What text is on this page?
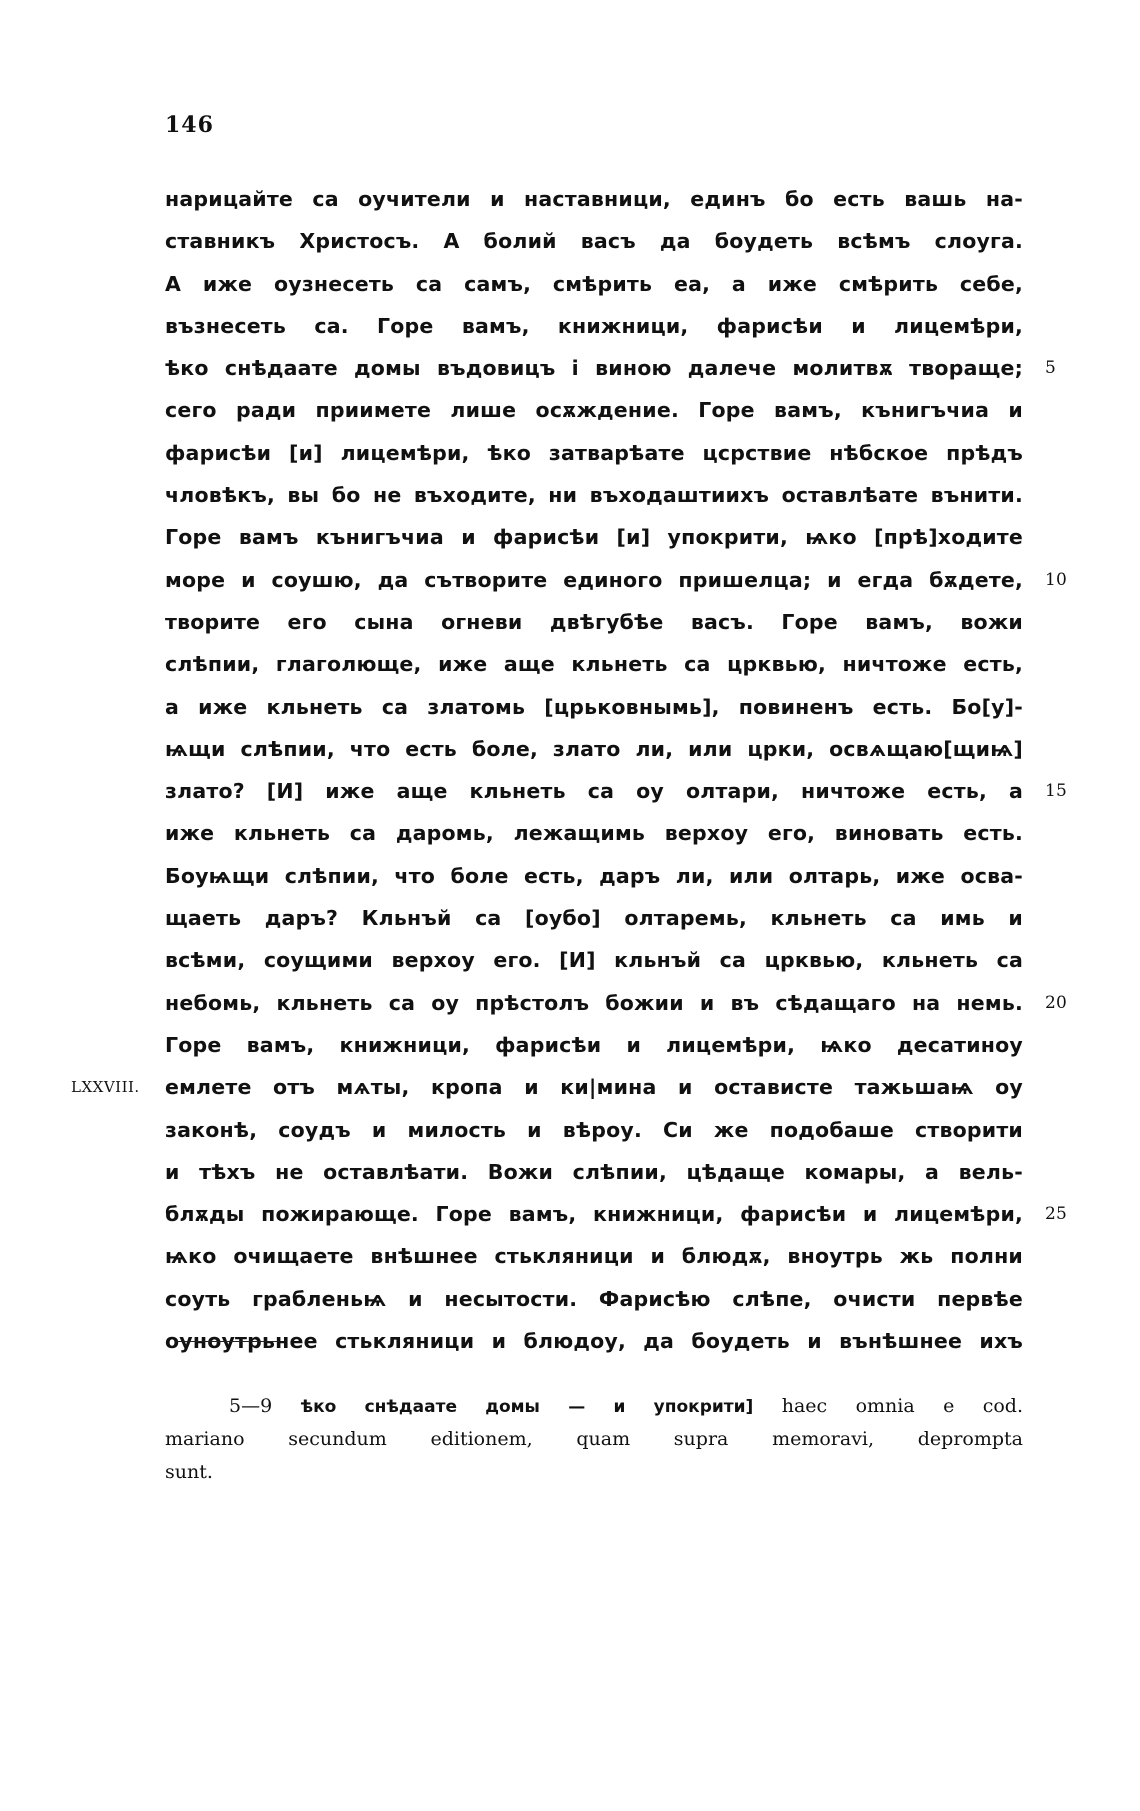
146
нарицайте са оучители и наставници, единъ бо есть вашь на-
ставникъ Христосъ. А болий васъ да боудеть всѣмъ слоуга.
А иже оузнесеть са самъ, смѣрить еа, а иже смѣрить себе,
възнесеть са. Горе вамъ, книжници, фарисѣи и лицемѣри,
ѣко снѣдаате домы въдовицъ і виною далече молитвѫ творащe; 5
сего ради приимете лише осѫждение. Горе вамъ, кънигъчиа и
фарисѣи [и] лицемѣри, ѣко затварѣате цсрствие нѣбское прѣдъ
чловѣкъ, вы бо не въходите, ни въходаштиихъ оставлѣате вънити.
Горе вамъ кънигъчиа и фарисѣи [и] упокрити, ѩко [прѣ]ходите
море и соушю, да сътворите единого пришелца; и егда бѫдете, 10
творите его сына огневи двѣгубѣе васъ. Горе вамъ, вожи
слѣпии, глаголюще, иже аще кльнеть са црквью, ничтоже есть,
а иже кльнеть са златомь [црьковнымь], повиненъ есть. Бо[у]-
ѩщи слѣпии, что есть боле, злато ли, или црки, освѧщаю[щиѩ]
злато? [И] иже аще кльнеть са оу олтари, ничтоже есть, а 15
иже кльнеть са даромь, лежащимь верхоу его, виновать есть.
Боуѩщи слѣпии, что боле есть, даръ ли, или олтарь, иже осва-
щаеть даръ? Кльнъй са [оубо] олтаремь, кльнеть са имь и
всѣми, соущими верхоу его. [И] кльнъй са црквью, кльнеть са
небомь, кльнеть са оу прѣстолъ божии и въ сѣдащаго на немь. 20
Горе вамъ, книжници, фарисѣи и лицемѣри, ѩко десатиноу
емлете отъ мѧты, кропа и ки|мина и остависте тажьшаѩ оу
LXXVIII.
законѣ, соудъ и милость и вѣроу. Си же подобаше створити
и тѣхъ не оставлѣати. Вожи слѣпии, цѣдаще комары, а вель-
блѫды пожирающе. Горе вамъ, книжници, фарисѣи и лицемѣри, 25
ѩко очищаете внѣшнее стькляници и блюдѫ, вноутрь жь полни
соуть грабленьѩ и несытости. Фарисѣю слѣпе, очисти первѣе
оуноутрьнее стькляници и блюдоу, да боудеть и вънѣшнее ихъ
5—9 ѣко снѣдаате домы — и упокрити] haec omnia e cod.
mariano secundum editionem, quam supra memoravi, deprompta
sunt.
